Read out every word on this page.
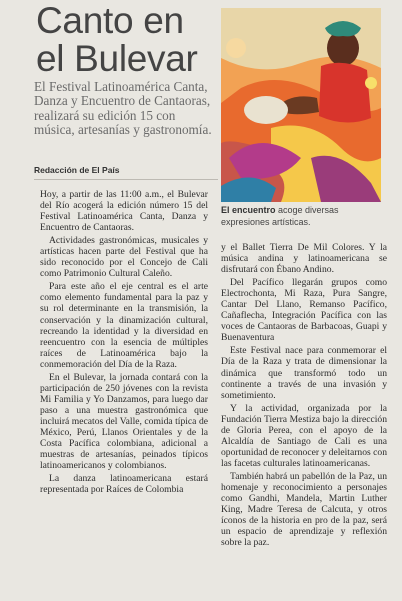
Canto en el Bulevar

El Festival Latinoamérica Canta, Danza y Encuentro de Cantaoras, realizará su edición 15 con música, artesanías y gastronomía.

Redacción de El País

El encuentro acoge diversas expresiones artísticas.

Hoy, a partir de las 11:00 a.m., el Bulevar del Río acogerá la edición número 15 del Festival Latinoamérica Canta, Danza y Encuentro de Cantaoras.

Actividades gastronómicas, musicales y artísticas hacen parte del Festival que ha sido reconocido por el Concejo de Cali como Patrimonio Cultural Caleño.

Para este año el eje central es el arte como elemento fundamental para la paz y su rol determinante en la transmisión, la conservación y la dinamización cultural, recreando la identidad y la diversidad en reencuentro con la esencia de múltiples raíces de Latinoamérica bajo la conmemoración del Día de la Raza.

En el Bulevar, la jornada contará con la participación de 250 jóvenes con la revista Mi Familia y Yo Danzamos, para luego dar paso a una muestra gastronómica que incluirá mecatos del Valle, comida típica de México, Perú, Llanos Orientales y de la Costa Pacífica colombiana, adicional a muestras de artesanías, peinados típicos latinoamericanos y colombianos.

La danza latinoamericana estará representada por Raíces de Colombia

y el Ballet Tierra De Mil Colores. Y la música andina y latinoamericana se disfrutará con Ébano Andino.

Del Pacífico llegarán grupos como Electrochonta, Mi Raza, Pura Sangre, Cantar Del Llano, Remanso Pacífico, Cañaflecha, Integración Pacífica con las voces de Cantaoras de Barbacoas, Guapi y Buenaventura

Este Festival nace para conmemorar el Día de la Raza y trata de dimensionar la dinámica que transformó todo un continente a través de una invasión y sometimiento.

Y la actividad, organizada por la Fundación Tierra Mestiza bajo la dirección de Gloria Perea, con el apoyo de la Alcaldía de Santiago de Cali es una oportunidad de reconocer y deleitarnos con las facetas culturales latinoamericanas.

También habrá un pabellón de la Paz, un homenaje y reconocimiento a personajes como Gandhi, Mandela, Martin Luther King, Madre Teresa de Calcuta, y otros íconos de la historia en pro de la paz, será un espacio de aprendizaje y reflexión sobre la paz.
